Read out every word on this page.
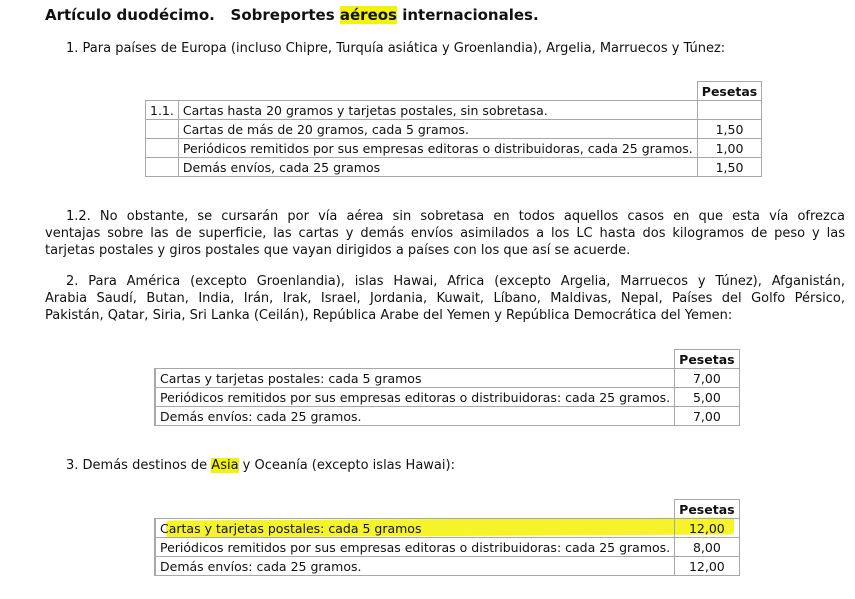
Artículo duodécimo.   Sobreportes aéreos internacionales.
1. Para países de Europa (incluso Chipre, Turquía asiática y Groenlandia), Argelia, Marruecos y Túnez:
		Pesetas
1.1.	Cartas hasta 20 gramos y tarjetas postales, sin sobretasa.	
	Cartas de más de 20 gramos, cada 5 gramos.	1,50
	Periódicos remitidos por sus empresas editoras o distribuidoras, cada 25 gramos.	1,00
	Demás envíos, cada 25 gramos	1,50
1.2. No obstante, se cursarán por vía aérea sin sobretasa en todos aquellos casos en que esta vía ofrezca
ventajas sobre las de superficie, las cartas y demás envíos asimilados a los LC hasta dos kilogramos de peso y las
tarjetas postales y giros postales que vayan dirigidos a países con los que así se acuerde.
2. Para América (excepto Groenlandia), islas Hawai, Africa (excepto Argelia, Marruecos y Túnez), Afganistán,
Arabia Saudí, Butan, India, Irán, Irak, Israel, Jordania, Kuwait, Líbano, Maldivas, Nepal, Países del Golfo Pérsico,
Pakistán, Qatar, Siria, Sri Lanka (Ceilán), República Arabe del Yemen y República Democrática del Yemen:
	Pesetas
	Cartas y tarjetas postales: cada 5 gramos	7,00
	Periódicos remitidos por sus empresas editoras o distribuidoras: cada 25 gramos.	5,00
	Demás envíos: cada 25 gramos.	7,00
3. Demás destinos de Asia y Oceanía (excepto islas Hawai):
	Pesetas
	Cartas y tarjetas postales: cada 5 gramos	12,00
	Periódicos remitidos por sus empresas editoras o distribuidoras: cada 25 gramos.	8,00
	Demás envíos: cada 25 gramos.	12,00
